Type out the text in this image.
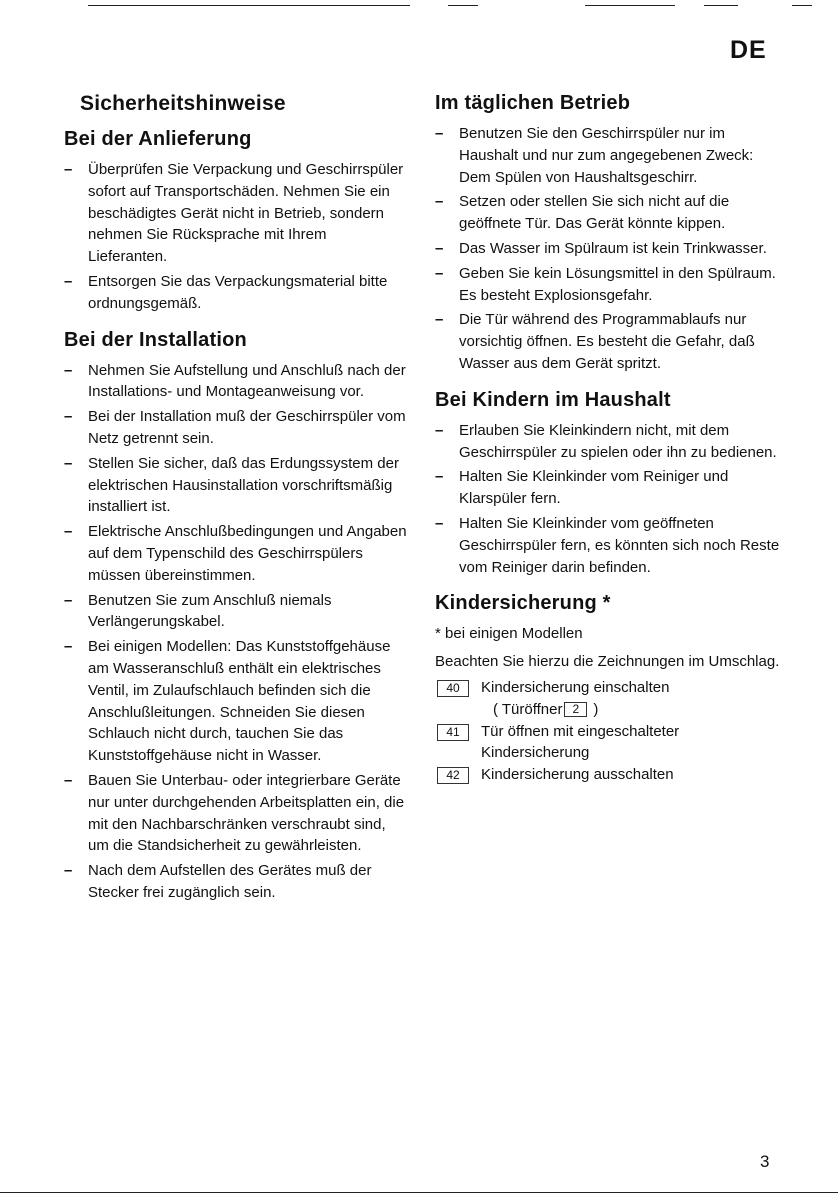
DE
Sicherheitshinweise
Bei der Anlieferung
– Überprüfen Sie Verpackung und Geschirrspüler sofort auf Transportschäden. Nehmen Sie ein beschädigtes Gerät nicht in Betrieb, sondern nehmen Sie Rücksprache mit Ihrem Lieferanten.
– Entsorgen Sie das Verpackungsmaterial bitte ordnungsgemäß.
Bei der Installation
– Nehmen Sie Aufstellung und Anschluß nach der Installations- und Montageanweisung vor.
– Bei der Installation muß der Geschirrspüler vom Netz getrennt sein.
– Stellen Sie sicher, daß das Erdungssystem der elektrischen Hausinstallation vorschriftsmäßig installiert ist.
– Elektrische Anschlußbedingungen und Angaben auf dem Typenschild des Geschirrspülers müssen übereinstimmen.
– Benutzen Sie zum Anschluß niemals Verlängerungskabel.
– Bei einigen Modellen: Das Kunststoffgehäuse am Wasseranschluß enthält ein elektrisches Ventil, im Zulaufschlauch befinden sich die Anschlußleitungen. Schneiden Sie diesen Schlauch nicht durch, tauchen Sie das Kunststoffgehäuse nicht in Wasser.
– Bauen Sie Unterbau- oder integrierbare Geräte nur unter durchgehenden Arbeitsplatten ein, die mit den Nachbarschränken verschraubt sind, um die Standsicherheit zu gewährleisten.
– Nach dem Aufstellen des Gerätes muß der Stecker frei zugänglich sein.
Im täglichen Betrieb
– Benutzen Sie den Geschirrspüler nur im Haushalt und nur zum angegebenen Zweck: Dem Spülen von Haushaltsgeschirr.
– Setzen oder stellen Sie sich nicht auf die geöffnete Tür. Das Gerät könnte kippen.
– Das Wasser im Spülraum ist kein Trinkwasser.
– Geben Sie kein Lösungsmittel in den Spülraum. Es besteht Explosionsgefahr.
– Die Tür während des Programmablaufs nur vorsichtig öffnen. Es besteht die Gefahr, daß Wasser aus dem Gerät spritzt.
Bei Kindern im Haushalt
– Erlauben Sie Kleinkindern nicht, mit dem Geschirrspüler zu spielen oder ihn zu bedienen.
– Halten Sie Kleinkinder vom Reiniger und Klarspüler fern.
– Halten Sie Kleinkinder vom geöffneten Geschirrspüler fern, es könnten sich noch Reste vom Reiniger darin befinden.
Kindersicherung *
* bei einigen Modellen
Beachten Sie hierzu die Zeichnungen im Umschlag.
40	Kindersicherung einschalten
( Türöffner 2 )
41	Tür öffnen mit eingeschalteter Kindersicherung
42	Kindersicherung ausschalten
3
